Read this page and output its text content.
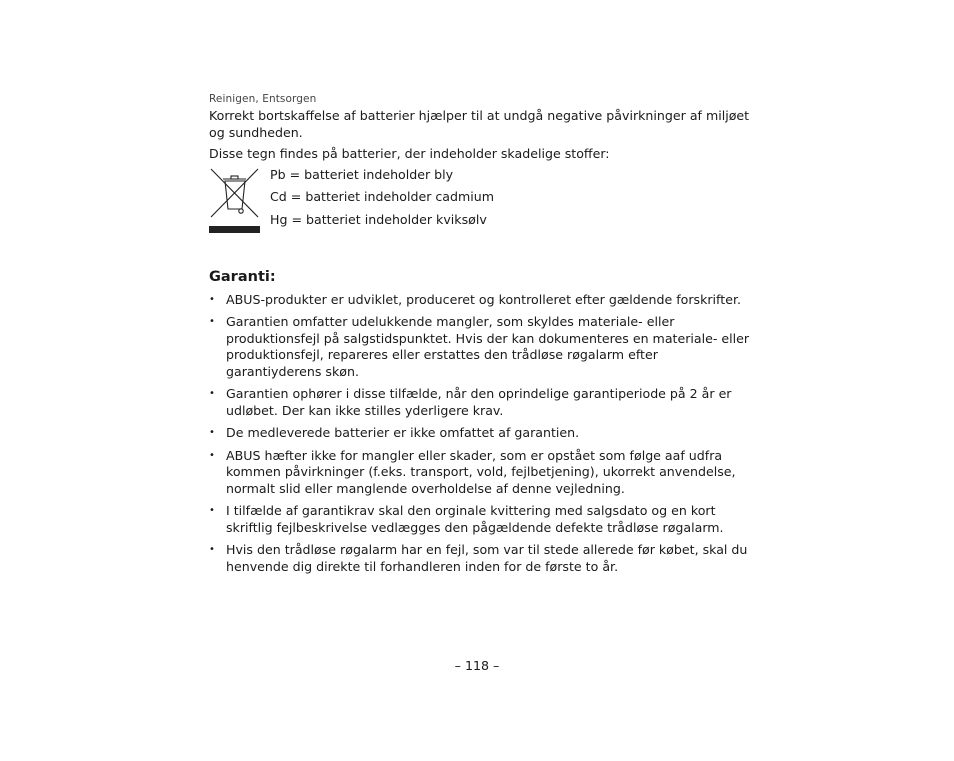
Reinigen, Entsorgen

Korrekt bortskaffelse af batterier hjælper til at undgå negative påvirkninger af miljøet og sundheden.

Disse tegn findes på batterier, der indeholder skadelige stoffer:

Pb = batteriet indeholder bly

Cd = batteriet indeholder cadmium

Hg = batteriet indeholder kviksølv

Garanti:
• ABUS-produkter er udviklet, produceret og kontrolleret efter gældende forskrifter.
• Garantien omfatter udelukkende mangler, som skyldes materiale- eller produktionsfejl på salgstidspunktet. Hvis der kan dokumenteres en materiale- eller produktionsfejl, repareres eller erstattes den trådløse røgalarm efter garantiyderens skøn.
• Garantien ophører i disse tilfælde, når den oprindelige garantiperiode på 2 år er udløbet. Der kan ikke stilles yderligere krav.
• De medleverede batterier er ikke omfattet af garantien.
• ABUS hæfter ikke for mangler eller skader, som er opstået som følge aaf udfra kommen påvirkninger (f.eks. transport, vold, fejlbetjening), ukorrekt anvendelse, normalt slid eller manglende overholdelse af denne vejledning.
• I tilfælde af garantikrav skal den orginale kvittering med salgsdato og en kort skriftlig fejlbeskrivelse vedlægges den pågældende defekte trådløse røgalarm.
• Hvis den trådløse røgalarm har en fejl, som var til stede allerede før købet, skal du henvende dig direkte til forhandleren inden for de første to år.
– 118 –
